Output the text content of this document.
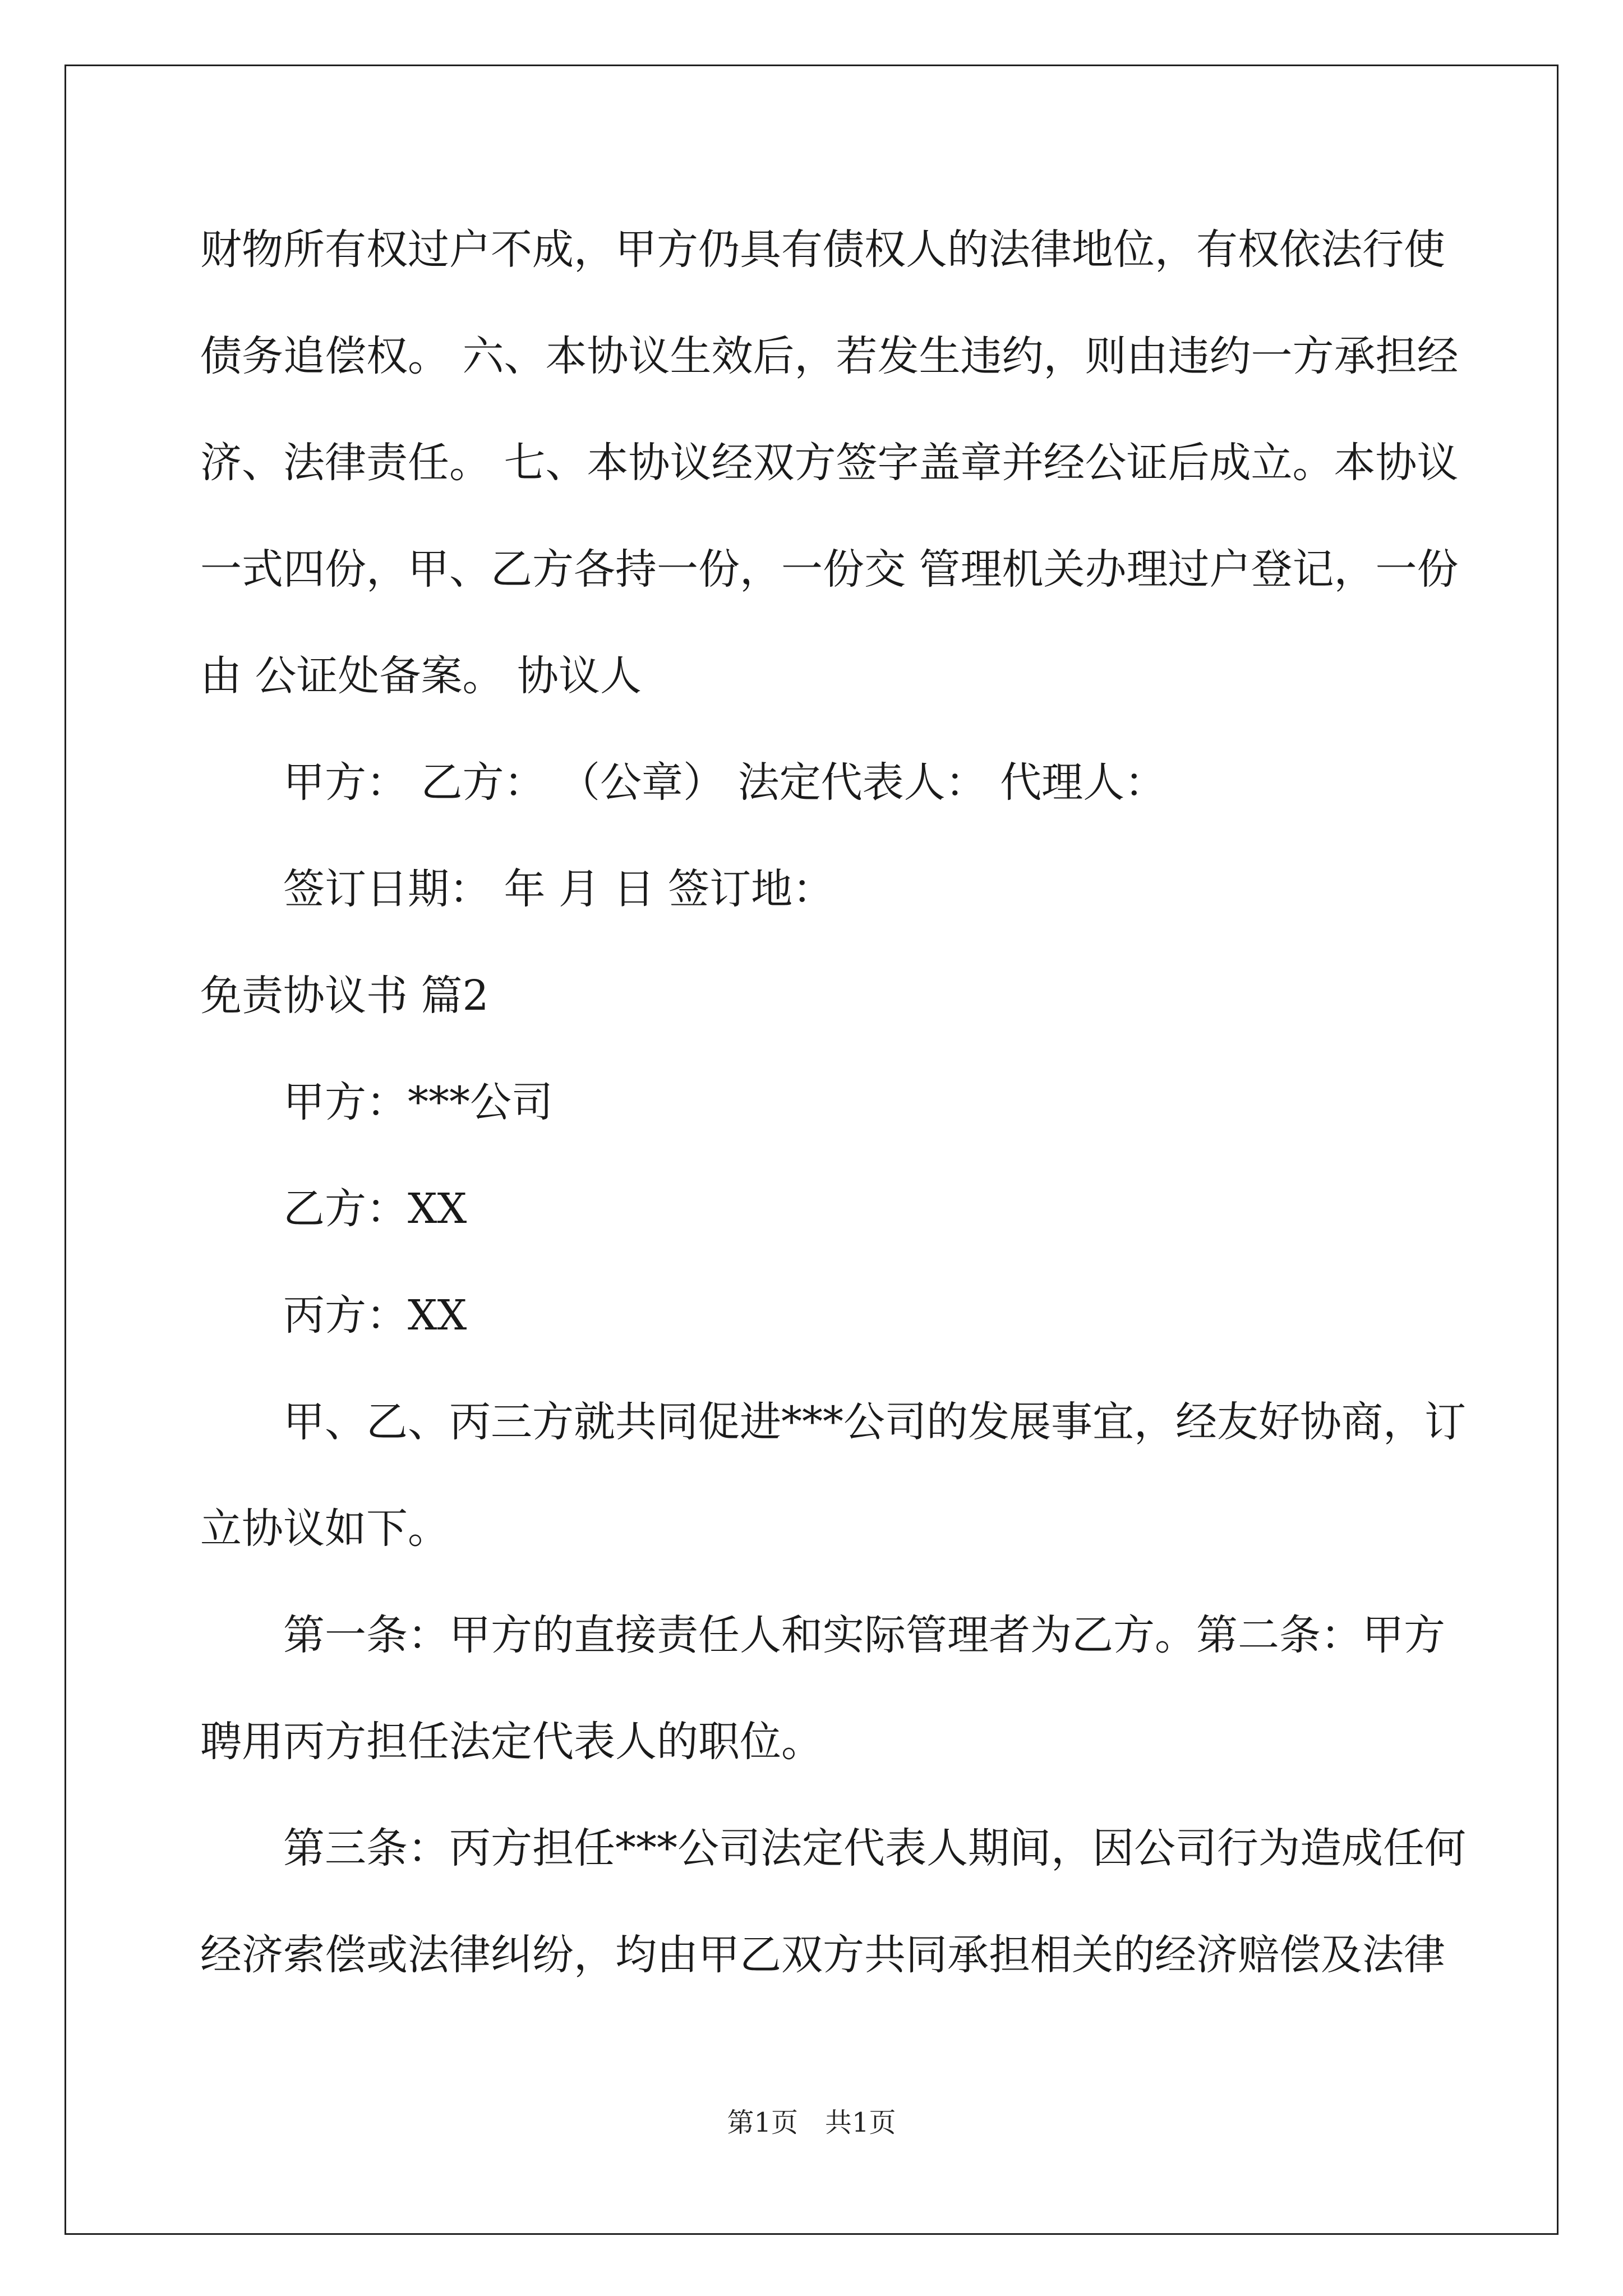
财物所有权过户不成，甲方仍具有债权人的法律地位，有权依法行使

债务追偿权。 六、本协议生效后，若发生违约，则由违约一方承担经

济、法律责任。 七、本协议经双方签字盖章并经公证后成立。本协议

一式四份，甲、乙方各持一份，一份交 管理机关办理过户登记，一份

由 公证处备案。 协议人

甲方： 乙方： （公章） 法定代表人： 代理人：

签订日期： 年 月 日 签订地：

免责协议书 篇2

甲方：***公司

乙方：XX

丙方：XX

甲、乙、丙三方就共同促进***公司的发展事宜，经友好协商，订

立协议如下。

第一条：甲方的直接责任人和实际管理者为乙方。第二条：甲方

聘用丙方担任法定代表人的职位。

第三条：丙方担任***公司法定代表人期间，因公司行为造成任何

经济索偿或法律纠纷，均由甲乙双方共同承担相关的经济赔偿及法律

第1页　共1页
